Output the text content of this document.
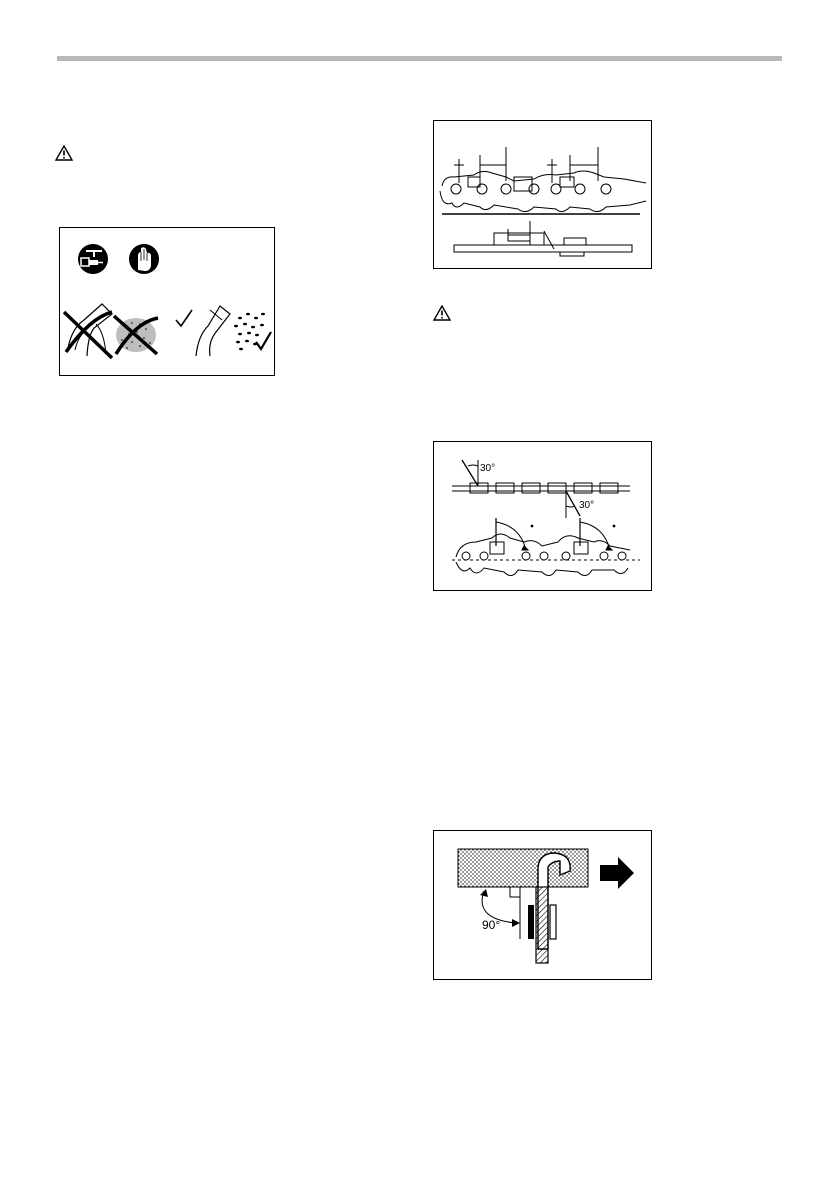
30°
30°
90°
